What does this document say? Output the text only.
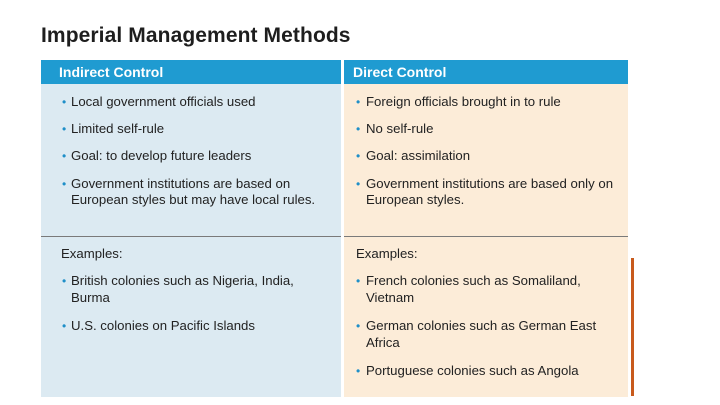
Imperial Management Methods
Indirect Control
• Local government officials used
• Limited self-rule
• Goal: to develop future leaders
• Government institutions are based on European styles but may have local rules.
Examples:
• British colonies such as Nigeria, India, Burma
• U.S. colonies on Pacific Islands
Direct Control
• Foreign officials brought in to rule
• No self-rule
• Goal: assimilation
• Government institutions are based only on European styles.
Examples:
• French colonies such as Somaliland, Vietnam
• German colonies such as German East Africa
• Portuguese colonies such as Angola
